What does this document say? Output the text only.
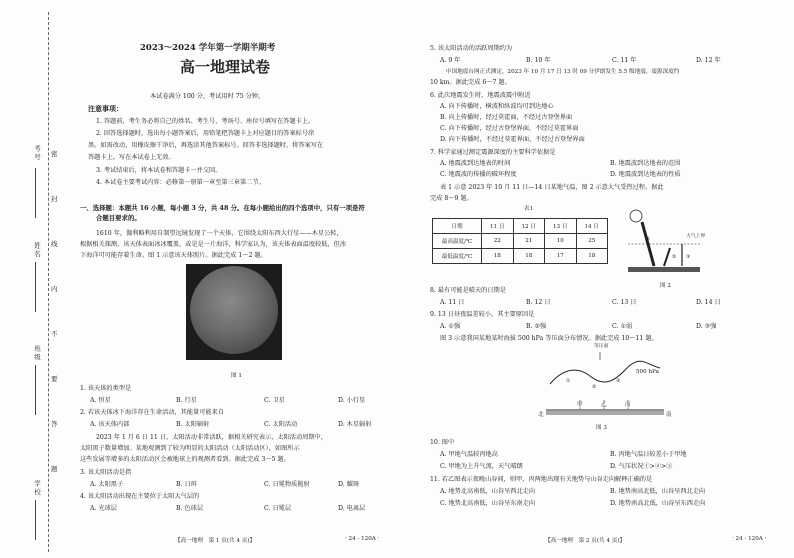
考号
姓名
班级
学校
密
封
线
内
不
要
答
题
2023～2024 学年第一学期半期考
高一地理试卷
本试卷满分 100 分，考试用时 75 分钟。
注意事项：
1. 答题前，考生务必将自己的姓名、考生号、考场号、座位号填写在答题卡上。
2. 回答选择题时，选出每小题答案后，用铅笔把答题卡上对应题目的答案标号涂
黑。如需改动，用橡皮擦干净后，再选涂其他答案标号。回答非选择题时，将答案写在
答题卡上。写在本试卷上无效。
3. 考试结束后，将本试卷和答题卡一并交回。
4. 本试卷主要考试内容：必修第一册第一章至第三章第二节。
一、选择题：本题共 16 小题，每小题 3 分，共 48 分。在每小题给出的四个选项中，只有一项是符
合题目要求的。
1610 年，伽利略利用自制望远镜发现了一个天体，它围绕太阳东西大行星——木星公转，
根据相关探测，该天体表面冰冰覆盖，或是是一片海洋，科学家认为，该天体表面温度较低，但冰
下海洋可可能存着生命。图 1 示意该天体照片。据此完成 1～2 题。
图 1
1. 该天体的类型是
A. 恒星	B. 行星	C. 卫星	D. 小行星
2. 若该天体冰下海洋存在生命活动，其能量可能来自
A. 该天体内部	B. 太阳辐射	C. 太阳活动	D. 木星辐射
2023 年 1 月 6 日 11 日，太阳活动非常活跃，据相关研究表示，太阳活动周期中，
太阳黑子数量增加。某地观测到了较为明显的太阳活动（太阳活动区），如图所示
这些发展等增多的太阳活动区会被地球上的观测者看到。据此完成 3～5 题。
3. 该太阳活动是指
A. 太阳黑子	B. 日珥	C. 日冕物质抛射	D. 耀斑
4. 该太阳活动出现在主要位于太阳大气层的
A. 光球层	B. 色球层	C. 日冕层	D. 电离层
【高一地理　第 1 页(共 4 页)】	· 24 - 120A ·
5. 该太阳活动的活跃周期约为
A. 9 年	B. 10 年	C. 11 年	D. 12 年
中国地震台网正式测定，2023 年 10 月 17 日 13 时 09 分伊朗发生 5.5 级地震，震源深度约
10 km。据此完成 6～7 题。
6. 此次地震发生时，地震波震中附近
A. 向下传播时，横波和纵波均可到达地心
B. 向上传播时，经过莫霍面，不经过古登堡界面
C. 向下传播时，经过古登堡界面，不经过莫霍界面
D. 向下传播时，不经过莫霍界面，不经过古登堡界面
7. 科学家通过测定震源深度的主要科学依据是
A. 地震波到达地表的时间	B. 地震波到达地表的范围
C. 地震波的传播的破坏程度	D. 地震波到达地表的性质
表 1 示意 2023 年 10 月 11 日—14 日某地气温，图 2 示意大气受热过程。据此
完成 8～9 题。
表1
日期	11 日	12 日	13 日	14 日
最高温度/℃	22	21	10	25
最低温度/℃	18	18	17	18
①
② ③
大气上界
图 2
8. 最有可能是晴天的日期是
A. 11 日	B. 12 日	C. 13 日	D. 14 日
9. 13 日昼夜温差较小，其主要原因是
A. ①强	B. ②强	C. ①弱	D. ③强
图 3 示意我国某地某时海拔 500 hPa 等压面分布情况。据此完成 10～11 题。
①
②
③
等压面
500 hPa
甲	乙	丙
北	南
图 3
10. 图中
A. 甲地气温较丙地高	B. 丙地气温日较差小于甲地
C. 甲地为上升气流，天气晴朗	D. 气压状况①>②>③
11. 若乙图表示夜晚山谷间，则甲、丙两地出现有关地势与山谷走向解释正确的是
A. 地势北高南低，山谷呈西北走向	B. 地势南高北低，山谷呈西北走向
C. 地势北高南低，山谷呈东南走向	D. 地势南高北低，山谷呈东西走向
【高一地理　第 2 页(共 4 页)】	· 24 - 120A ·
